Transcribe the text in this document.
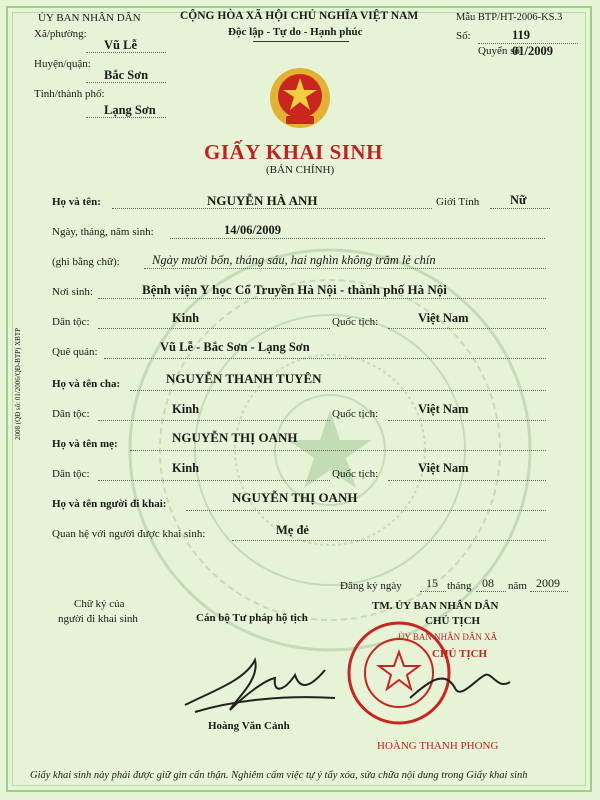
2008 (QĐ số: 01/2006/QĐ-BTP) XBTP
ỦY BAN NHÂN DÂN
Xã/phường:
Vũ Lễ
Huyện/quận:
Bắc Sơn
Tỉnh/thành phố:
Lạng Sơn
CỘNG HÒA XÃ HỘI CHỦ NGHĨA VIỆT NAM
Độc lập - Tự do - Hạnh phúc
Mẫu BTP/HT-2006-KS.3
Số:	119
Quyển số:
01/2009
GIẤY KHAI SINH
(BẢN CHÍNH)
Họ và tên:	NGUYỄN HÀ ANH	Giới Tính Nữ
Ngày, tháng, năm sinh:	14/06/2009
(ghi bằng chữ):	Ngày mười bốn, tháng sáu, hai nghìn không trăm lẻ chín
Nơi sinh:	Bệnh viện Y học Cổ Truyền Hà Nội - thành phố Hà Nội
Dân tộc:	Kinh	Quốc tịch:	Việt Nam
Quê quán:	Vũ Lễ - Bắc Sơn - Lạng Sơn
Họ và tên cha:	NGUYỄN THANH TUYÊN
Dân tộc:	Kinh	Quốc tịch:	Việt Nam
Họ và tên mẹ:	NGUYỄN THỊ OANH
Dân tộc:	Kinh	Quốc tịch:	Việt Nam
Họ và tên người đi khai:	NGUYỄN THỊ OANH
Quan hệ với người được khai sinh:	Mẹ đẻ
Đăng ký ngày 15 tháng 08 năm 2009
Chữ ký của
người đi khai sinh	Cán bộ Tư pháp hộ tịch
TM. ỦY BAN NHÂN DÂN
CHỦ TỊCH
Hoàng Văn Cảnh
ỦY BAN NHÂN DÂN XÃ
CHỦ TỊCH
HOÀNG THANH PHONG
Giấy khai sinh này phải được giữ gìn cẩn thận. Nghiêm cấm việc tự ý tẩy xóa, sửa chữa nội dung trong Giấy khai sinh
